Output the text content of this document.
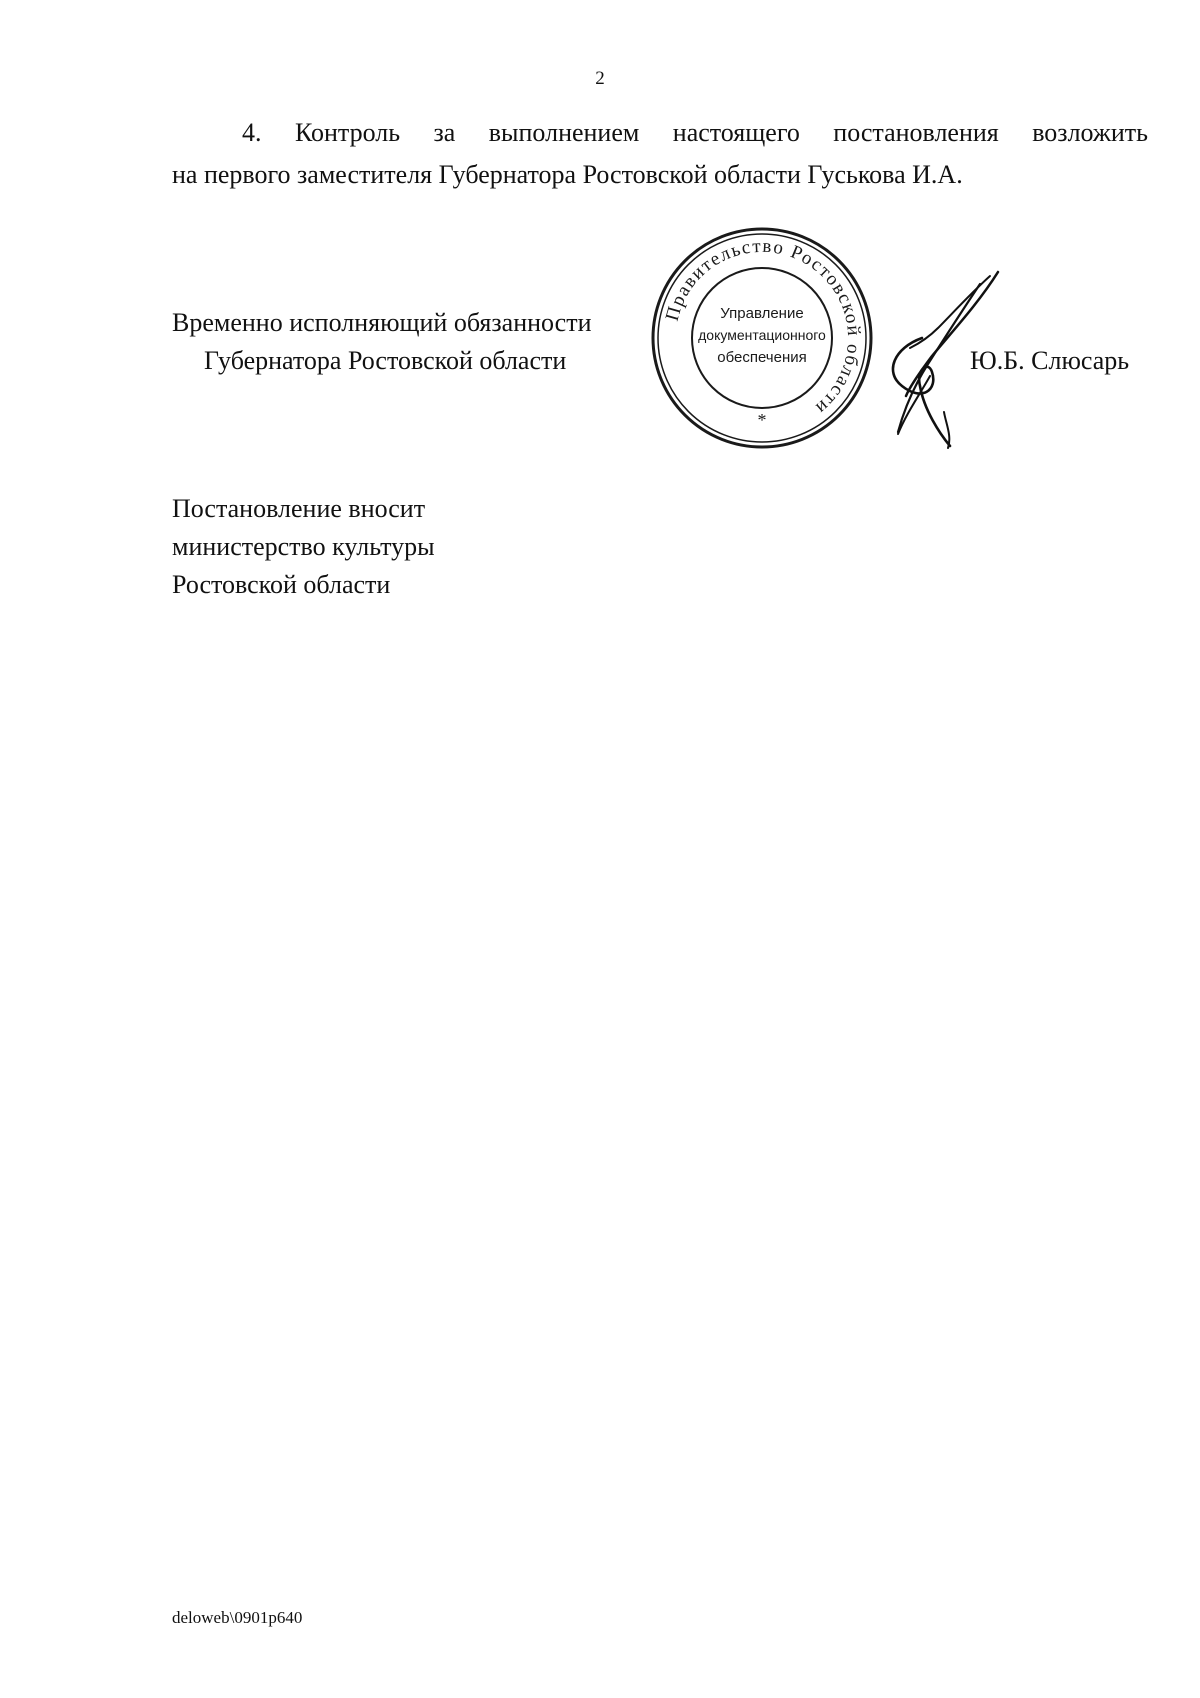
2
4. Контроль за выполнением настоящего постановления возложить
на первого заместителя Губернатора Ростовской области Гуськова И.А.
Временно исполняющий обязанности
Губернатора Ростовской области
Правительство Ростовской области
Управление
документационного
обеспечения
*
Ю.Б. Слюсарь
Постановление вносит
министерство культуры
Ростовской области
deloweb\0901p640
